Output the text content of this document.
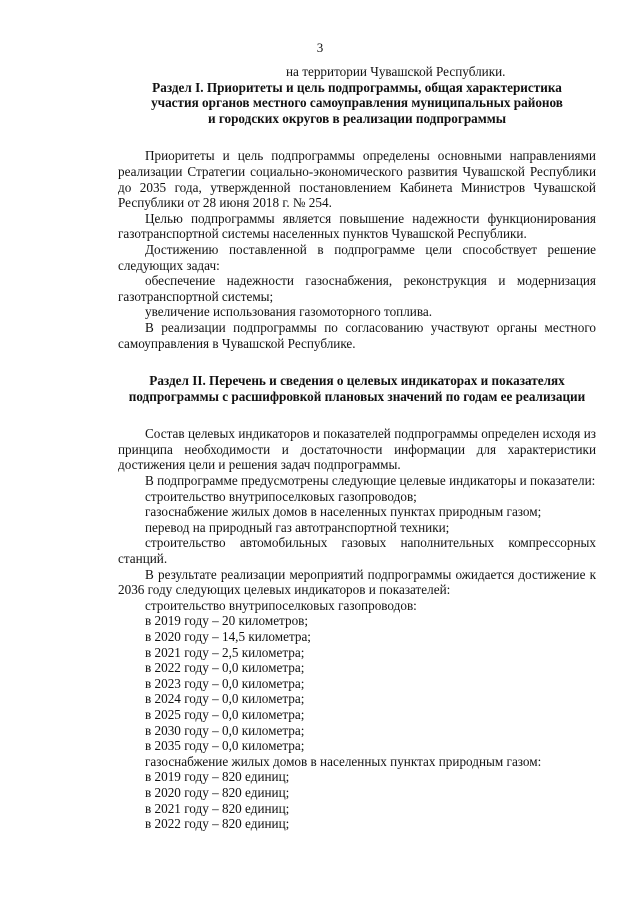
3

на территории Чувашской Республики.

Раздел I. Приоритеты и цель подпрограммы, общая характеристика
участия органов местного самоуправления муниципальных районов
и городских округов в реализации подпрограммы

Приоритеты и цель подпрограммы определены основными направлениями реализации Стратегии социально-экономического развития Чувашской Республики до 2035 года, утвержденной постановлением Кабинета Министров Чувашской Республики от 28 июня 2018 г. № 254.

Целью подпрограммы является повышение надежности функционирования газотранспортной системы населенных пунктов Чувашской Республики.

Достижению поставленной в подпрограмме цели способствует решение следующих задач:

обеспечение надежности газоснабжения, реконструкция и модернизация газотранспортной системы;

увеличение использования газомоторного топлива.

В реализации подпрограммы по согласованию участвуют органы местного самоуправления в Чувашской Республике.

Раздел II. Перечень и сведения о целевых индикаторах и показателях
подпрограммы с расшифровкой плановых значений по годам ее реализации

Состав целевых индикаторов и показателей подпрограммы определен исходя из принципа необходимости и достаточности информации для характеристики достижения цели и решения задач подпрограммы.

В подпрограмме предусмотрены следующие целевые индикаторы и показатели:

строительство внутрипоселковых газопроводов;

газоснабжение жилых домов в населенных пунктах природным газом;

перевод на природный газ автотранспортной техники;

строительство автомобильных газовых наполнительных компрессорных станций.

В результате реализации мероприятий подпрограммы ожидается достижение к 2036 году следующих целевых индикаторов и показателей:

строительство внутрипоселковых газопроводов:

в 2019 году – 20 километров;

в 2020 году – 14,5 километра;

в 2021 году – 2,5 километра;

в 2022 году – 0,0 километра;

в 2023 году – 0,0 километра;

в 2024 году – 0,0 километра;

в 2025 году – 0,0 километра;

в 2030 году – 0,0 километра;

в 2035 году – 0,0 километра;

газоснабжение жилых домов в населенных пунктах природным газом:

в 2019 году – 820 единиц;

в 2020 году – 820 единиц;

в 2021 году – 820 единиц;

в 2022 году – 820 единиц;
